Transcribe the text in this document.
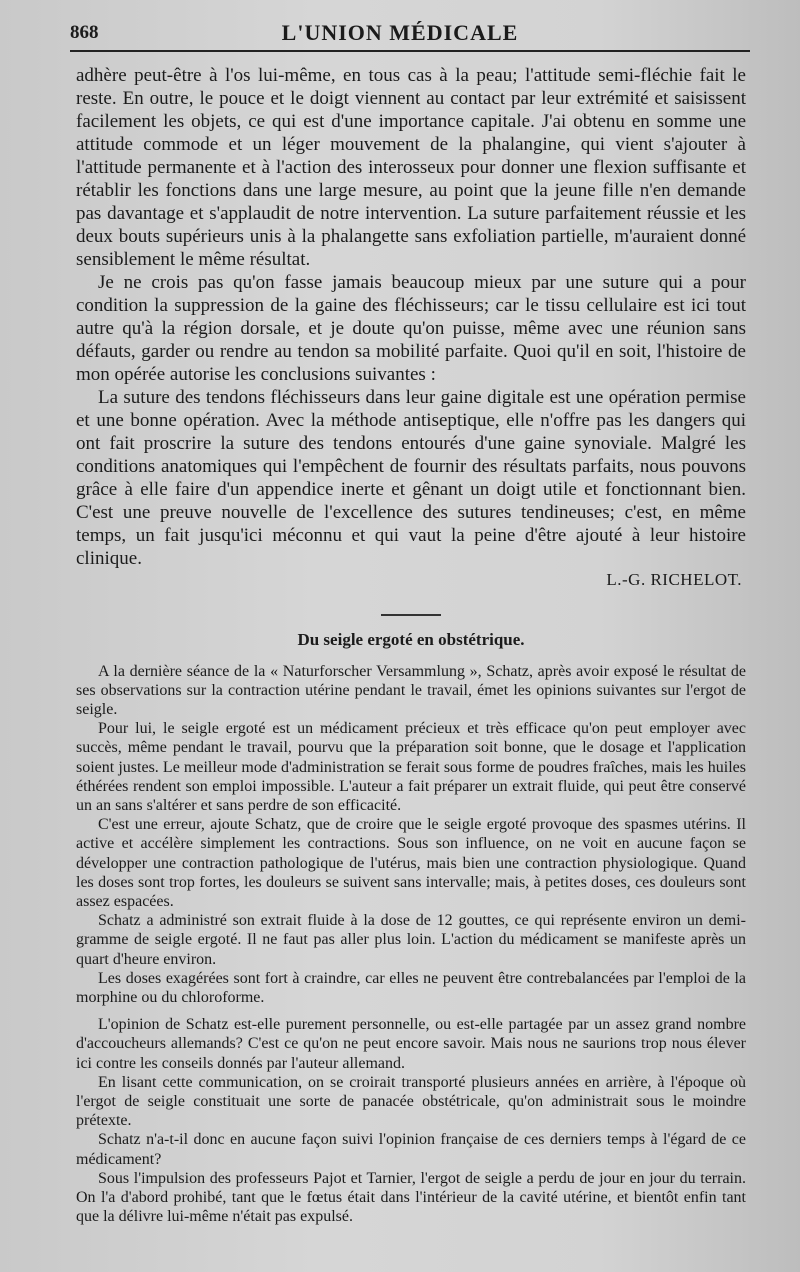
868	L'UNION MÉDICALE

adhère peut-être à l'os lui-même, en tous cas à la peau; l'attitude semi-fléchie fait le reste. En outre, le pouce et le doigt viennent au contact par leur extrémité et saisissent facilement les objets, ce qui est d'une importance capitale. J'ai obtenu en somme une attitude commode et un léger mouvement de la phalangine, qui vient s'ajouter à l'attitude permanente et à l'action des interosseux pour donner une flexion suffisante et rétablir les fonctions dans une large mesure, au point que la jeune fille n'en demande pas davantage et s'applaudit de notre intervention. La suture parfaitement réussie et les deux bouts supérieurs unis à la phalangette sans exfoliation partielle, m'auraient donné sensiblement le même résultat.

Je ne crois pas qu'on fasse jamais beaucoup mieux par une suture qui a pour condition la suppression de la gaine des fléchisseurs; car le tissu cellulaire est ici tout autre qu'à la région dorsale, et je doute qu'on puisse, même avec une réunion sans défauts, garder ou rendre au tendon sa mobilité parfaite. Quoi qu'il en soit, l'histoire de mon opérée autorise les conclusions suivantes :

La suture des tendons fléchisseurs dans leur gaine digitale est une opération permise et une bonne opération. Avec la méthode antiseptique, elle n'offre pas les dangers qui ont fait proscrire la suture des tendons entourés d'une gaine synoviale. Malgré les conditions anatomiques qui l'empêchent de fournir des résultats parfaits, nous pouvons grâce à elle faire d'un appendice inerte et gênant un doigt utile et fonctionnant bien. C'est une preuve nouvelle de l'excellence des sutures tendineuses; c'est, en même temps, un fait jusqu'ici méconnu et qui vaut la peine d'être ajouté à leur histoire clinique.

L.-G. RICHELOT.
Du seigle ergoté en obstétrique.

A la dernière séance de la « Naturforscher Versammlung », Schatz, après avoir exposé le résultat de ses observations sur la contraction utérine pendant le travail, émet les opinions suivantes sur l'ergot de seigle.

Pour lui, le seigle ergoté est un médicament précieux et très efficace qu'on peut employer avec succès, même pendant le travail, pourvu que la préparation soit bonne, que le dosage et l'application soient justes. Le meilleur mode d'administration se ferait sous forme de poudres fraîches, mais les huiles éthérées rendent son emploi impossible. L'auteur a fait préparer un extrait fluide, qui peut être conservé un an sans s'altérer et sans perdre de son efficacité.

C'est une erreur, ajoute Schatz, que de croire que le seigle ergoté provoque des spasmes utérins. Il active et accélère simplement les contractions. Sous son influence, on ne voit en aucune façon se développer une contraction pathologique de l'utérus, mais bien une contraction physiologique. Quand les doses sont trop fortes, les douleurs se suivent sans intervalle; mais, à petites doses, ces douleurs sont assez espacées.

Schatz a administré son extrait fluide à la dose de 12 gouttes, ce qui représente environ un demi-gramme de seigle ergoté. Il ne faut pas aller plus loin. L'action du médicament se manifeste après un quart d'heure environ.

Les doses exagérées sont fort à craindre, car elles ne peuvent être contrebalancées par l'emploi de la morphine ou du chloroforme.

L'opinion de Schatz est-elle purement personnelle, ou est-elle partagée par un assez grand nombre d'accoucheurs allemands? C'est ce qu'on ne peut encore savoir. Mais nous ne saurions trop nous élever ici contre les conseils donnés par l'auteur allemand.

En lisant cette communication, on se croirait transporté plusieurs années en arrière, à l'époque où l'ergot de seigle constituait une sorte de panacée obstétricale, qu'on administrait sous le moindre prétexte.

Schatz n'a-t-il donc en aucune façon suivi l'opinion française de ces derniers temps à l'égard de ce médicament?

Sous l'impulsion des professeurs Pajot et Tarnier, l'ergot de seigle a perdu de jour en jour du terrain. On l'a d'abord prohibé, tant que le fœtus était dans l'intérieur de la cavité utérine, et bientôt enfin tant que la délivre lui-même n'était pas expulsé.
